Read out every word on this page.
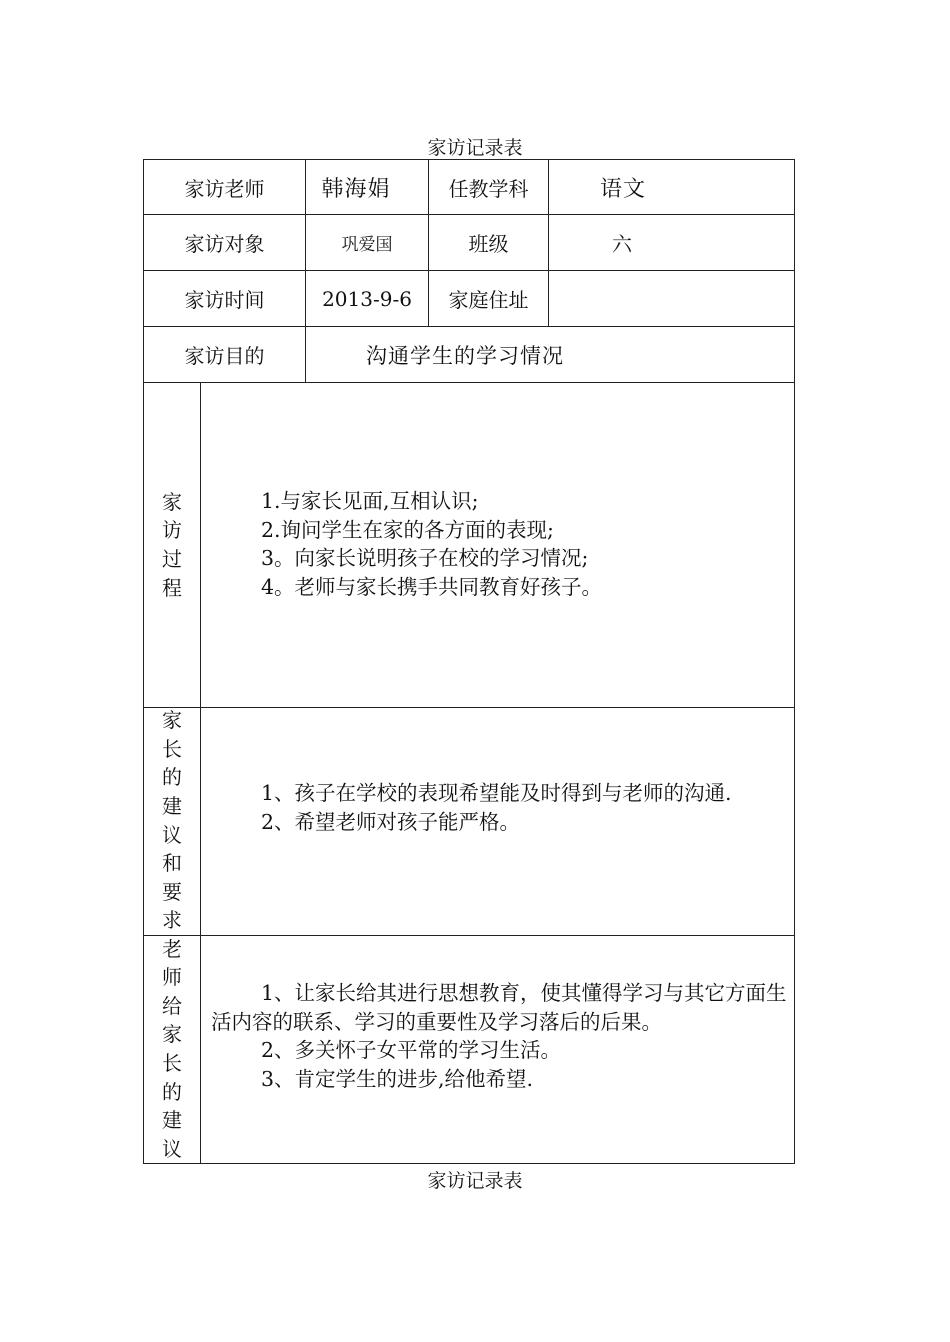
家访记录表
家访老师	韩海娟	任教学科	语文
家访对象	巩爱国	班级	六
家访时间	2013-9-6	家庭住址
家访目的	沟通学生的学习情况
家
访
过
程

1.与家长见面,互相认识;

2.询问学生在家的各方面的表现;

3。向家长说明孩子在校的学习情况;

4。老师与家长携手共同教育好孩子。

家
长
的
建
议
和
要
求

1、孩子在学校的表现希望能及时得到与老师的沟通.

2、希望老师对孩子能严格。

老
师
给
家
长
的
建
议

1、让家长给其进行思想教育，使其懂得学习与其它方面生活内容的联系、学习的重要性及学习落后的后果。

2、多关怀子女平常的学习生活。

3、肯定学生的进步,给他希望.

家访记录表
